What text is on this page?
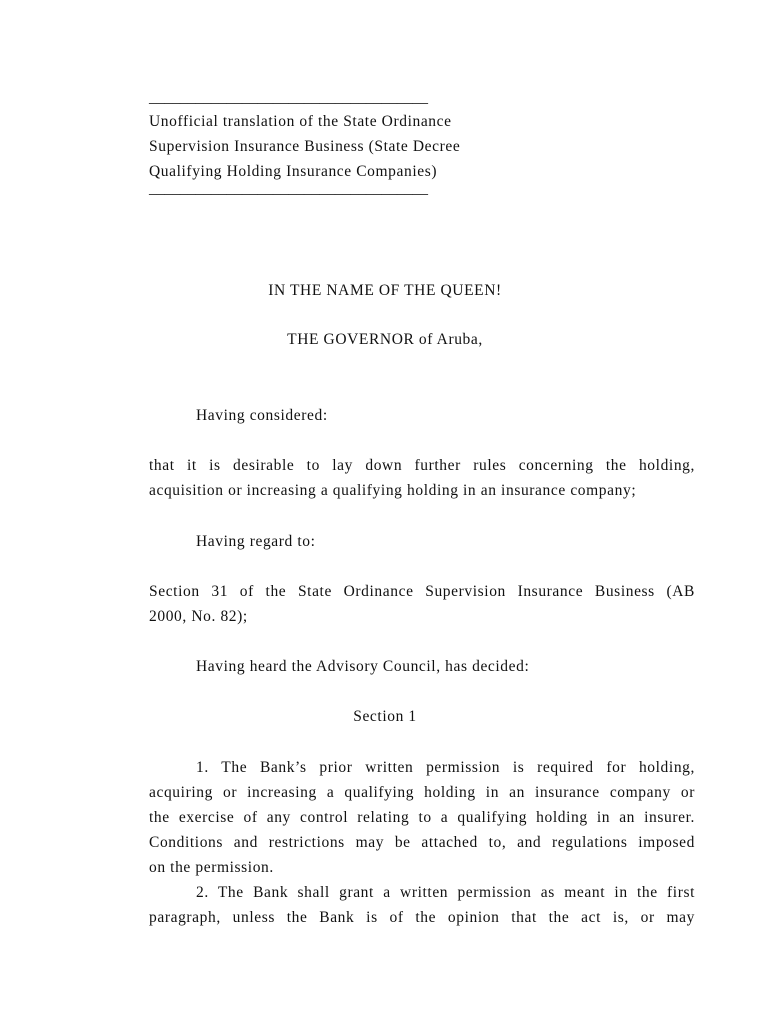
____________________________________
Unofficial translation of the State Ordinance
Supervision Insurance Business (State Decree
Qualifying Holding Insurance Companies)
____________________________________
IN THE NAME OF THE QUEEN!
THE GOVERNOR of Aruba,
Having considered:
that it is desirable to lay down further rules concerning the holding,
acquisition or increasing a qualifying holding in an insurance company;
Having regard to:
Section 31 of the State Ordinance Supervision Insurance Business (AB
2000, No. 82);
Having heard the Advisory Council, has decided:
Section 1
1. The Bank’s prior written permission is required for holding,
acquiring or increasing a qualifying holding in an insurance company or
the exercise of any control relating to a qualifying holding in an insurer.
Conditions and restrictions may be attached to, and regulations imposed
on the permission.
2. The Bank shall grant a written permission as meant in the first
paragraph, unless the Bank is of the opinion that the act is, or may
